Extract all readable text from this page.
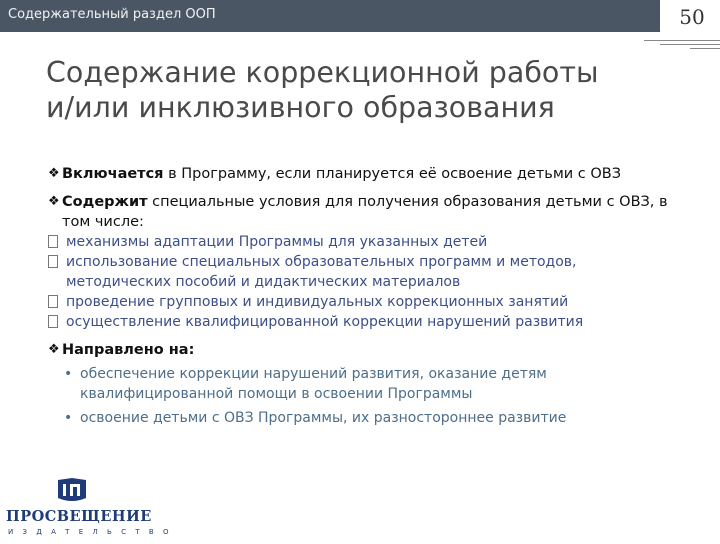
Содержательный раздел ООП	50
Содержание коррекционной работы
и/или инклюзивного образования
❖ Включается в Программу, если планируется её освоение детьми с ОВЗ
❖ Содержит специальные условия для получения образования детьми с ОВЗ, в том числе:
механизмы адаптации Программы для указанных детей
использование специальных образовательных программ и методов, методических пособий и дидактических материалов
проведение групповых и индивидуальных коррекционных занятий
осуществление квалифицированной коррекции нарушений развития
❖ Направлено на:
• обеспечение коррекции нарушений развития, оказание детям квалифицированной помощи в освоении Программы
• освоение детьми с ОВЗ Программы, их разностороннее развитие
ПРОСВЕЩЕНИЕ
ИЗДАТЕЛЬСТВО
